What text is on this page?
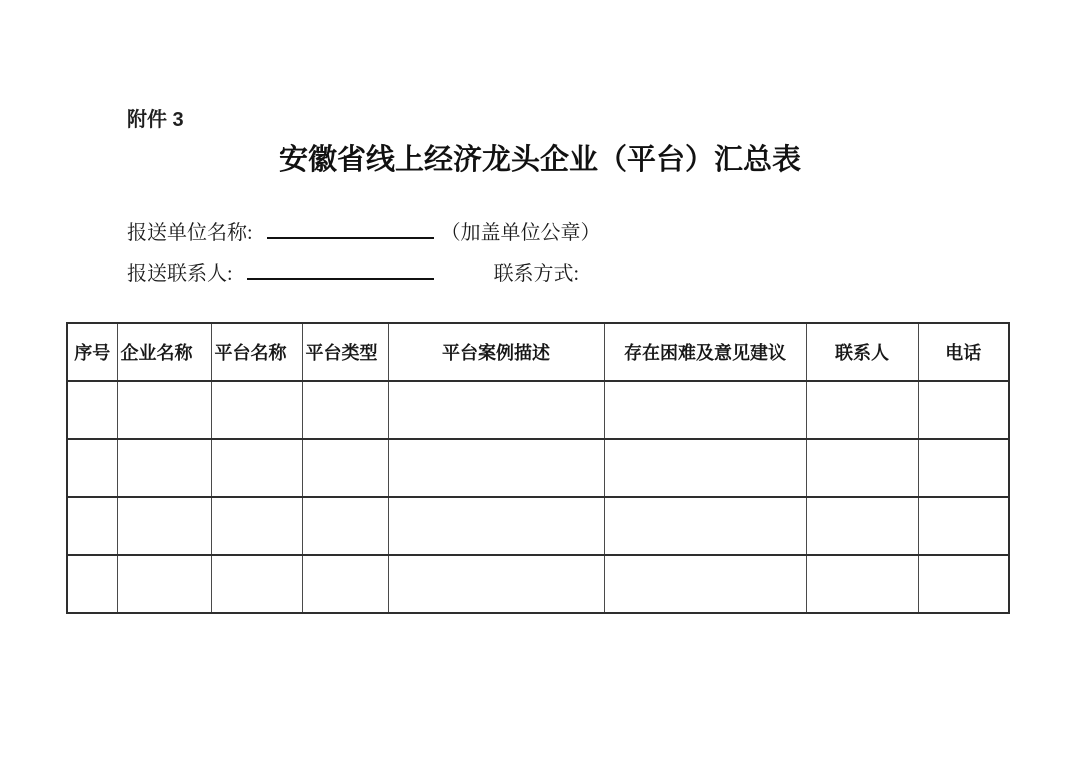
附件 3
安徽省线上经济龙头企业（平台）汇总表
报送单位名称:	（加盖单位公章）
报送联系人:	联系方式:
序号	企业名称	平台名称	平台类型	平台案例描述	存在困难及意见建议	联系人	电话
